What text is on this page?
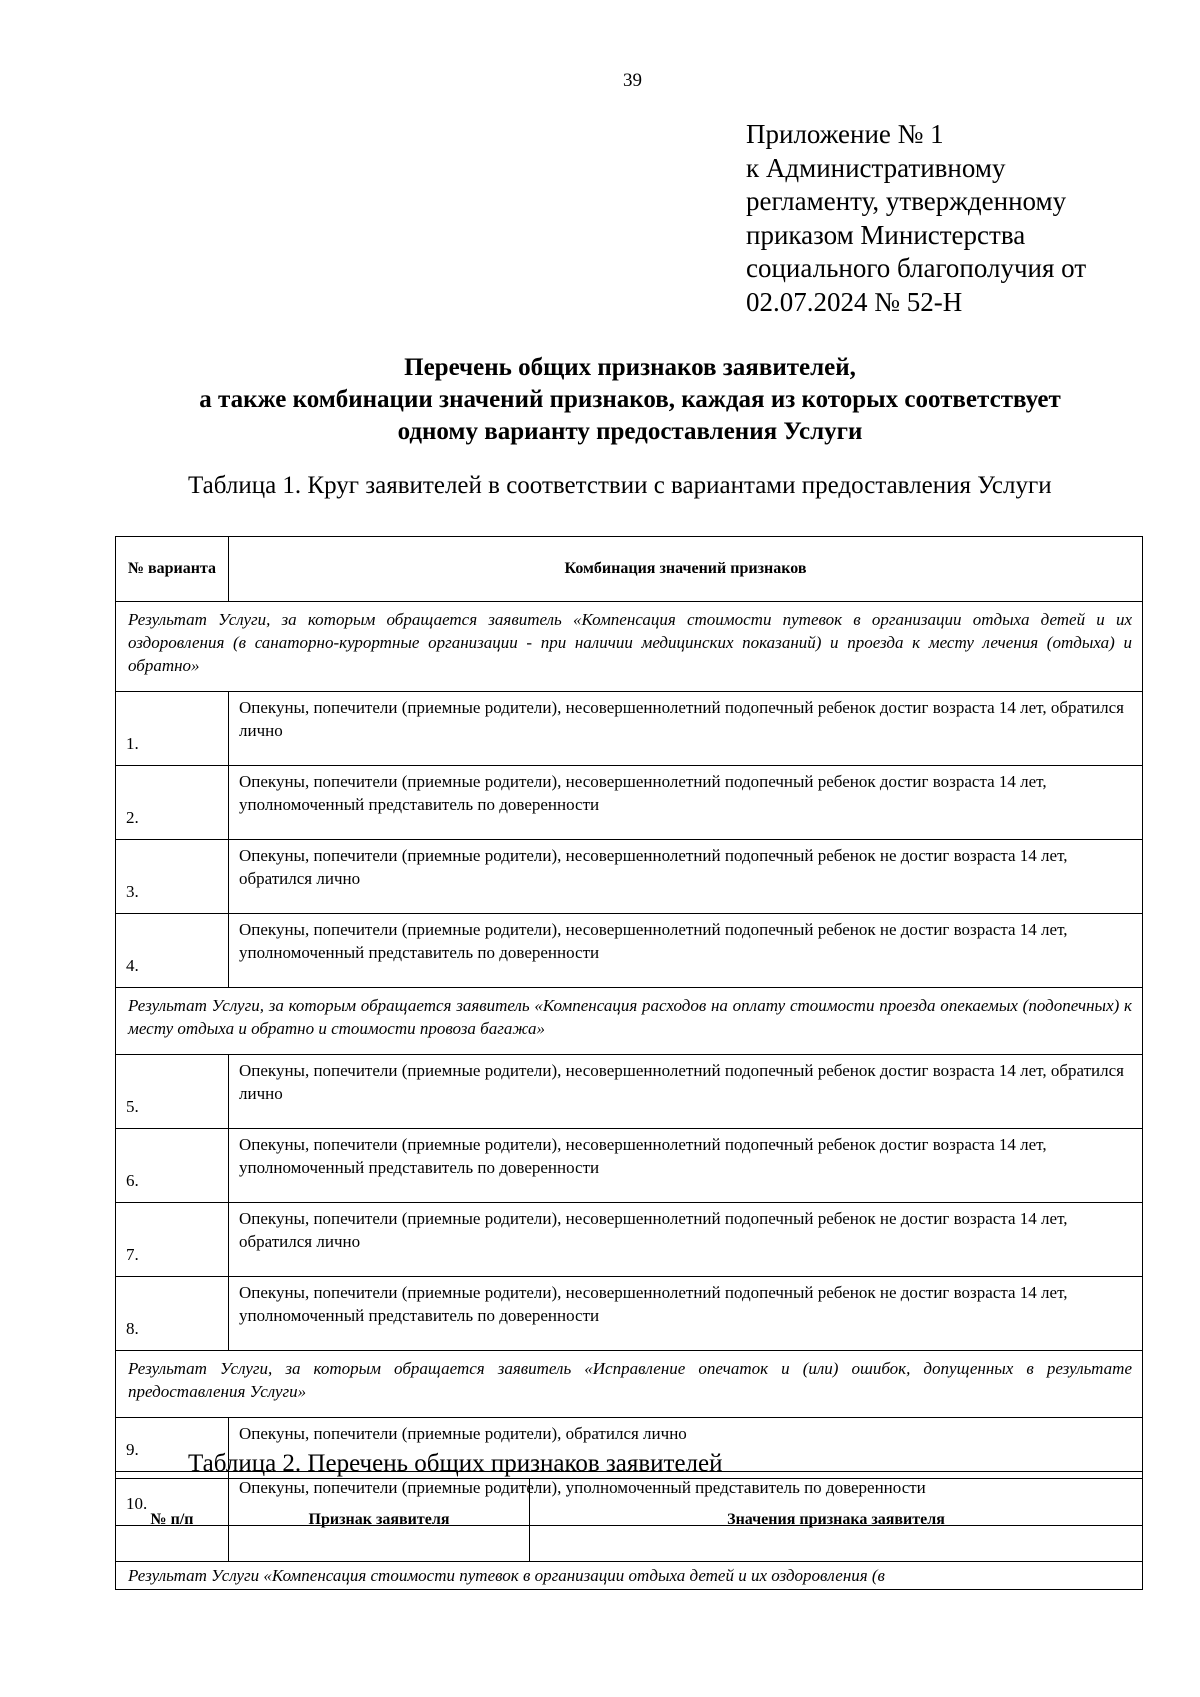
39
Приложение № 1
к Административному
регламенту, утвержденному
приказом Министерства
социального благополучия от
02.07.2024 № 52-Н
Перечень общих признаков заявителей,
а также комбинации значений признаков, каждая из которых соответствует
одному варианту предоставления Услуги
Таблица 1. Круг заявителей в соответствии с вариантами предоставления Услуги
№ варианта	Комбинация значений признаков
Результат Услуги, за которым обращается заявитель «Компенсация стоимости путевок в организации отдыха детей и их оздоровления (в санаторно-курортные организации - при наличии медицинских показаний) и проезда к месту лечения (отдыха) и обратно»	
1.	Опекуны, попечители (приемные родители), несовершеннолетний подопечный ребенок достиг возраста 14 лет, обратился лично
2.	Опекуны, попечители (приемные родители), несовершеннолетний подопечный ребенок достиг возраста 14 лет, уполномоченный представитель по доверенности
3.	Опекуны, попечители (приемные родители), несовершеннолетний подопечный ребенок не достиг возраста 14 лет, обратился лично
4.	Опекуны, попечители (приемные родители), несовершеннолетний подопечный ребенок не достиг возраста 14 лет, уполномоченный представитель по доверенности
Результат Услуги, за которым обращается заявитель «Компенсация расходов на оплату стоимости проезда опекаемых (подопечных) к месту отдыха и обратно и стоимости провоза багажа»	
5.	Опекуны, попечители (приемные родители), несовершеннолетний подопечный ребенок достиг возраста 14 лет, обратился лично
6.	Опекуны, попечители (приемные родители), несовершеннолетний подопечный ребенок достиг возраста 14 лет, уполномоченный представитель по доверенности
7.	Опекуны, попечители (приемные родители), несовершеннолетний подопечный ребенок не достиг возраста 14 лет, обратился лично
8.	Опекуны, попечители (приемные родители), несовершеннолетний подопечный ребенок не достиг возраста 14 лет, уполномоченный представитель по доверенности
Результат Услуги, за которым обращается заявитель «Исправление опечаток и (или) ошибок, допущенных в результате предоставления Услуги»	
9.	Опекуны, попечители (приемные родители), обратился лично
10.	Опекуны, попечители (приемные родители), уполномоченный представитель по доверенности
Таблица 2. Перечень общих признаков заявителей
№ п/п	Признак заявителя	Значения признака заявителя
Результат Услуги «Компенсация стоимости путевок в организации отдыха детей и их оздоровления (в
